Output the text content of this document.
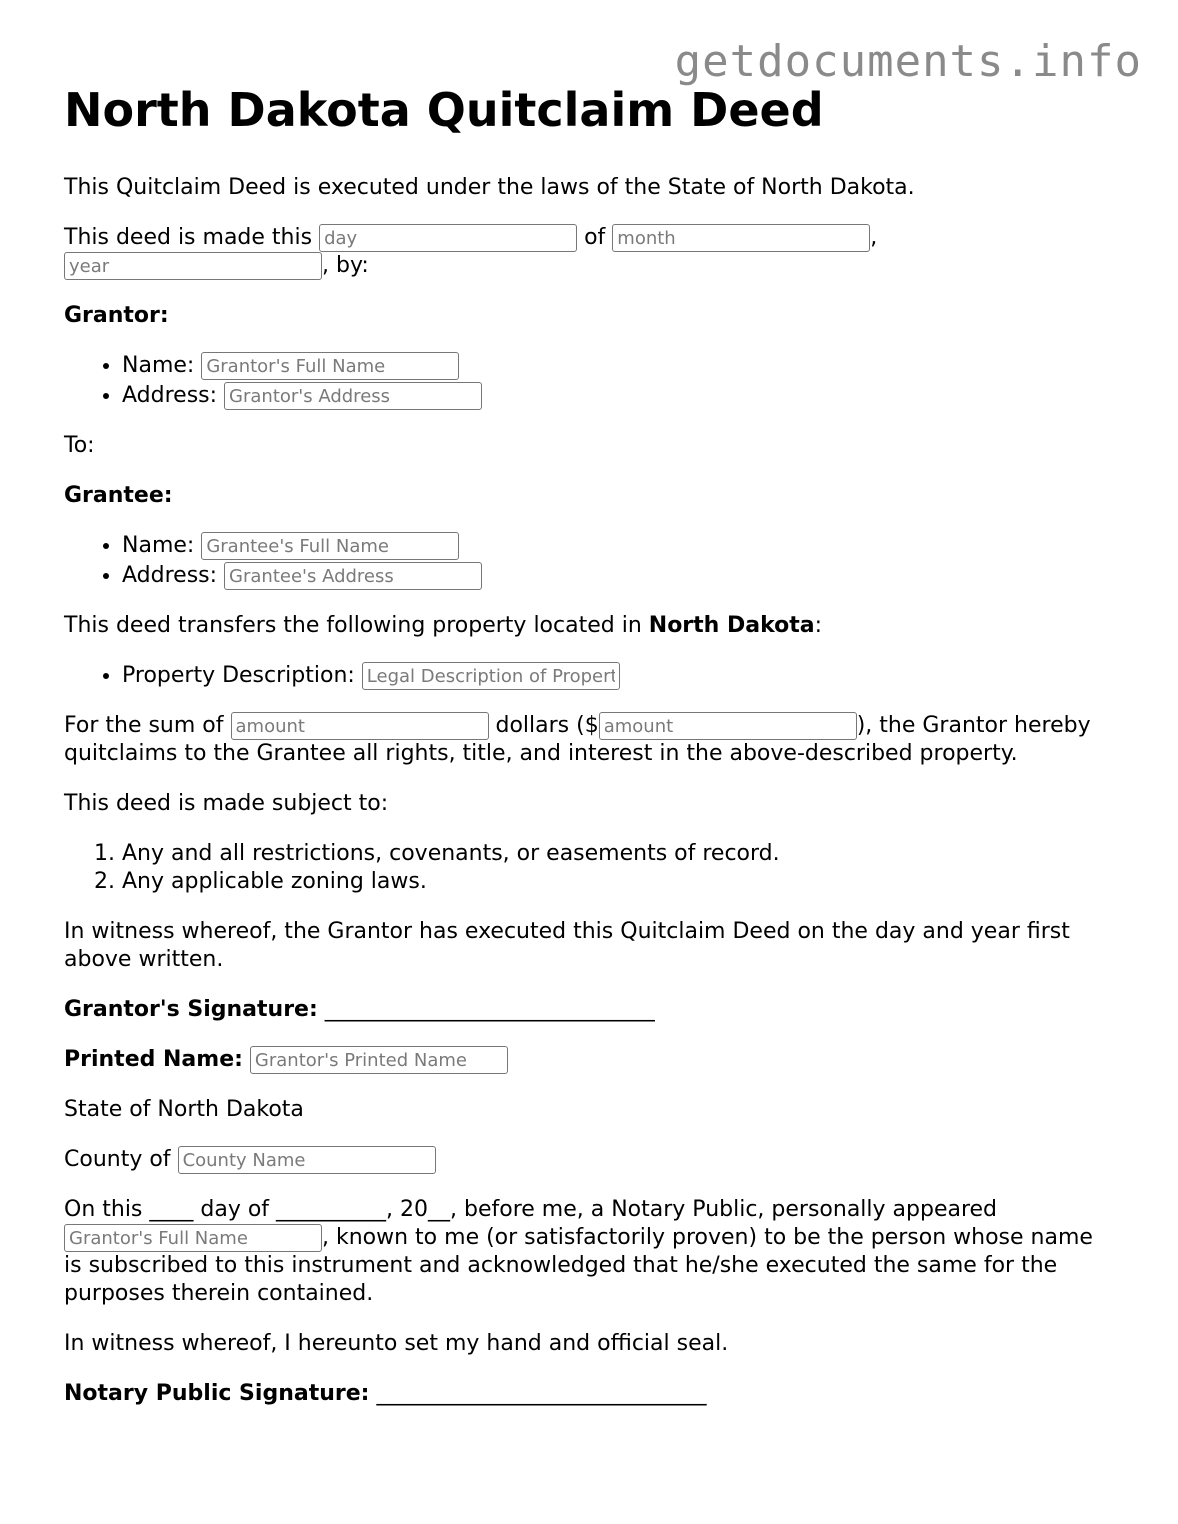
getdocuments.info
North Dakota Quitclaim Deed

This Quitclaim Deed is executed under the laws of the State of North Dakota.

This deed is made this day	of month	,
year, by:

Grantor:

• Name: Grantor's Full Name
• Address: Grantor's Address

To:

Grantee:

• Name: Grantee's Full Name
• Address: Grantee's Address

This deed transfers the following property located in North Dakota:

• Property Description: Legal Description of Property

For the sum of amount	dollars ($amount	), the Grantor hereby quitclaims to the Grantee all rights, title, and interest in the above-described property.

This deed is made subject to:

1. Any and all restrictions, covenants, or easements of record.
2. Any applicable zoning laws.

In witness whereof, the Grantor has executed this Quitclaim Deed on the day and year first above written.

Grantor's Signature: ______________________________

Printed Name: Grantor's Printed Name

State of North Dakota

County of County Name

On this ____ day of __________, 20__, before me, a Notary Public, personally appeared
Grantor's Full Name, known to me (or satisfactorily proven) to be the person whose name is subscribed to this instrument and acknowledged that he/she executed the same for the purposes therein contained.

In witness whereof, I hereunto set my hand and official seal.

Notary Public Signature: ______________________________
